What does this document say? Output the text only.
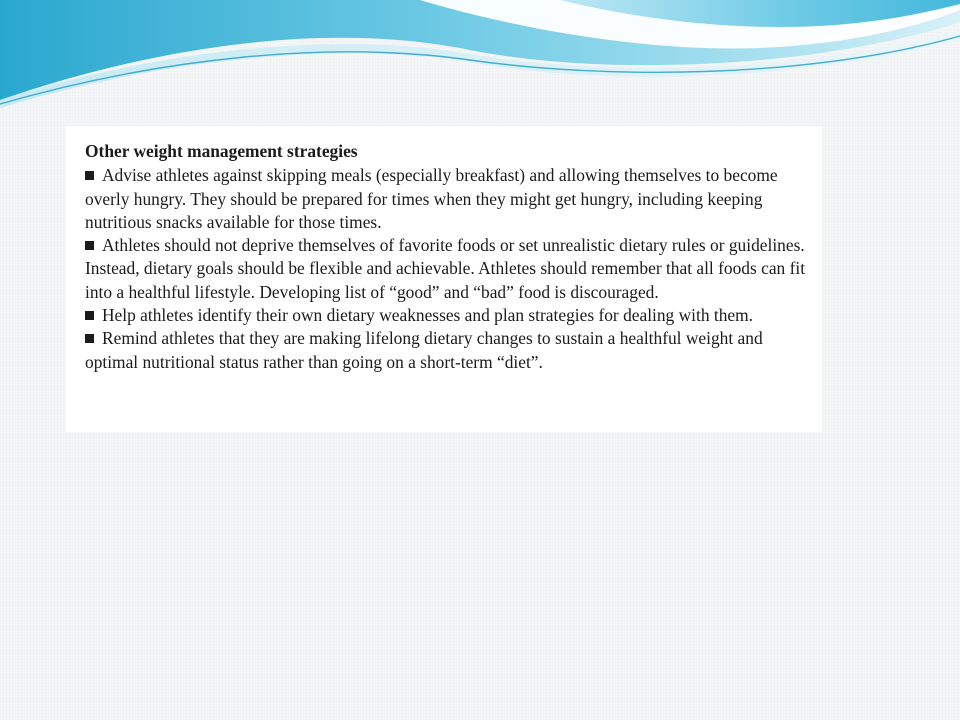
Other weight management strategies

Advise athletes against skipping meals (especially breakfast) and allowing themselves to become overly hungry. They should be prepared for times when they might get hungry, including keeping nutritious snacks available for those times.

Athletes should not deprive themselves of favorite foods or set unrealistic dietary rules or guidelines. Instead, dietary goals should be flexible and achievable. Athletes should remember that all foods can fit into a healthful lifestyle. Developing list of “good” and “bad” food is discouraged.

Help athletes identify their own dietary weaknesses and plan strategies for dealing with them.

Remind athletes that they are making lifelong dietary changes to sustain a healthful weight and optimal nutritional status rather than going on a short-term “diet”.
